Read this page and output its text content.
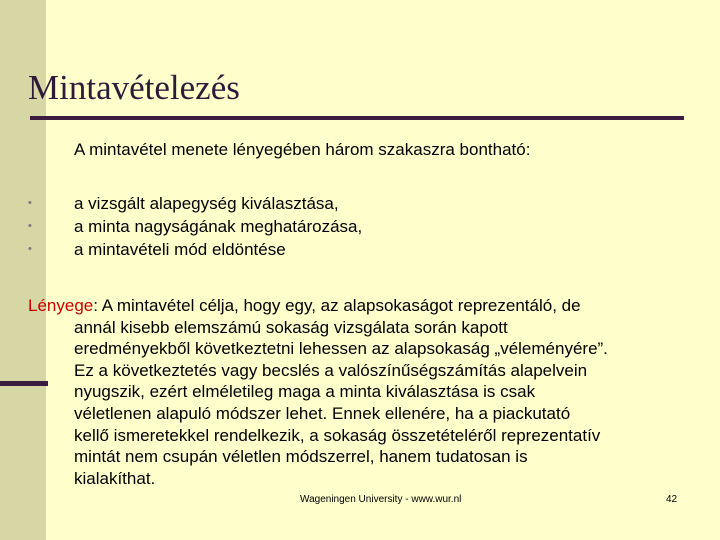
Mintavételezés
A mintavétel menete lényegében három szakaszra bontható:
• a vizsgált alapegység kiválasztása,
• a minta nagyságának meghatározása,
• a mintavételi mód eldöntése
Lényege: A mintavétel célja, hogy egy, az alapsokaságot reprezentáló, de
annál kisebb elemszámú sokaság vizsgálata során kapott
eredményekből következtetni lehessen az alapsokaság „véleményére”.
Ez a következtetés vagy becslés a valószínűségszámítás alapelvein
nyugszik, ezért elméletileg maga a minta kiválasztása is csak
véletlenen alapuló módszer lehet. Ennek ellenére, ha a piackutató
kellő ismeretekkel rendelkezik, a sokaság összetételéről reprezentatív
mintát nem csupán véletlen módszerrel, hanem tudatosan is
kialakíthat.
Wageningen University - www.wur.nl	42
